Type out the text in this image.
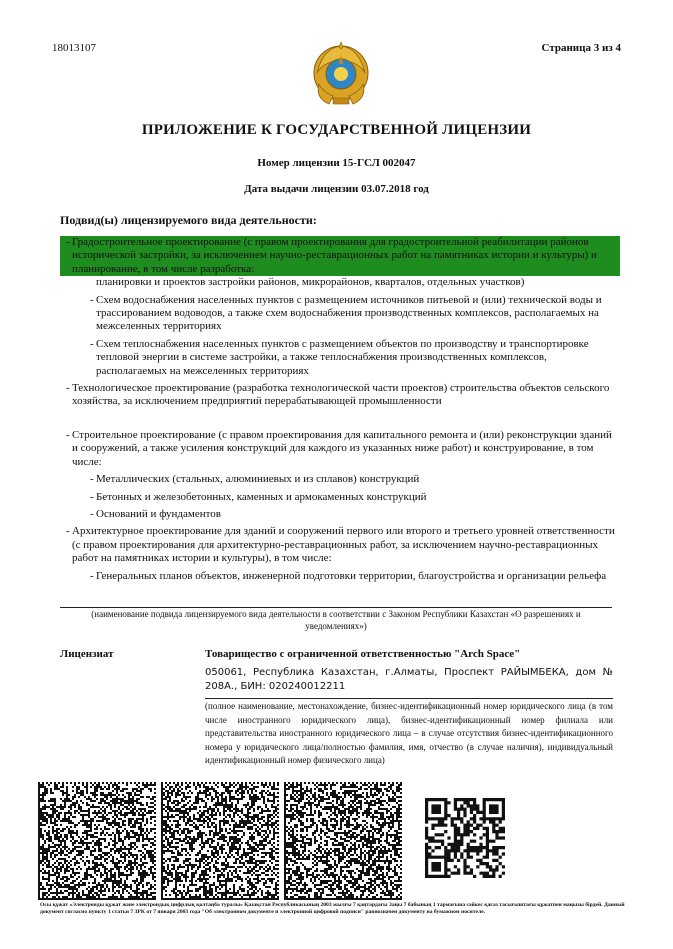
18013107	Страница 3 из 4
ПРИЛОЖЕНИЕ К ГОСУДАРСТВЕННОЙ ЛИЦЕНЗИИ
Номер лицензии 15-ГСЛ 002047
Дата выдачи лицензии 03.07.2018 год
Подвид(ы) лицензируемого вида деятельности:
- Градостроительное проектирование (с правом проектирования для градостроительной реабилитации районов исторической застройки, за исключением научно-реставрационных работ на памятниках истории и культуры) и планирование, в том числе разработка:
планировки и проектов застройки районов, микрорайонов, кварталов, отдельных участков)
- Схем водоснабжения населенных пунктов с размещением источников питьевой и (или) технической воды и трассированием водоводов, а также схем водоснабжения производственных комплексов, располагаемых на межселенных территориях
- Схем теплоснабжения населенных пунктов с размещением объектов по производству и транспортировке тепловой энергии в системе застройки, а также теплоснабжения производственных комплексов, располагаемых на межселенных территориях
- Технологическое проектирование (разработка технологической части проектов) строительства объектов сельского хозяйства, за исключением предприятий перерабатывающей промышленности
- Строительное проектирование (с правом проектирования для капитального ремонта и (или) реконструкции зданий и сооружений, а также усиления конструкций для каждого из указанных ниже работ) и конструирование, в том числе:
- Металлических (стальных, алюминиевых и из сплавов) конструкций
- Бетонных и железобетонных, каменных и армокаменных конструкций
- Оснований и фундаментов
- Архитектурное проектирование для зданий и сооружений первого или второго и третьего уровней ответственности (с правом проектирования для архитектурно-реставрационных работ, за исключением научно-реставрационных работ на памятниках истории и культуры), в том числе:
- Генеральных планов объектов, инженерной подготовки территории, благоустройства и организации рельефа
(наименование подвида лицензируемого вида деятельности в соответствии с Законом Республики Казахстан «О разрешениях и уведомлениях»)
Лицензиат	Товарищество с ограниченной ответственностью "Arch Space"
050061, Республика Казахстан, г.Алматы, Проспект РАЙЫМБЕКА, дом № 208А., БИН: 020240012211
(полное наименование, местонахождение, бизнес-идентификационный номер юридического лица (в том числе иностранного юридического лица), бизнес-идентификационный номер филиала или представительства иностранного юридического лица – в случае отсутствия бизнес-идентификационного номера у юридического лица/полностью фамилия, имя, отчество (в случае наличия), индивидуальный идентификационный номер физического лица)
Осы құжат «Электронды құжат және электрондық цифрлық қолтаңба туралы» Қазақстан Республикасының 2003 жылғы 7 қаңтардағы Заңы 7 бабының 1 тармағына сәйкес қағаз тасығыштағы құжатпен маңызы бірдей. Данный документ согласно пункту 1 статьи 7 ЗРК от 7 января 2003 года "Об электронном документе и электронной цифровой подписи" равнозначен документу на бумажном носителе.
